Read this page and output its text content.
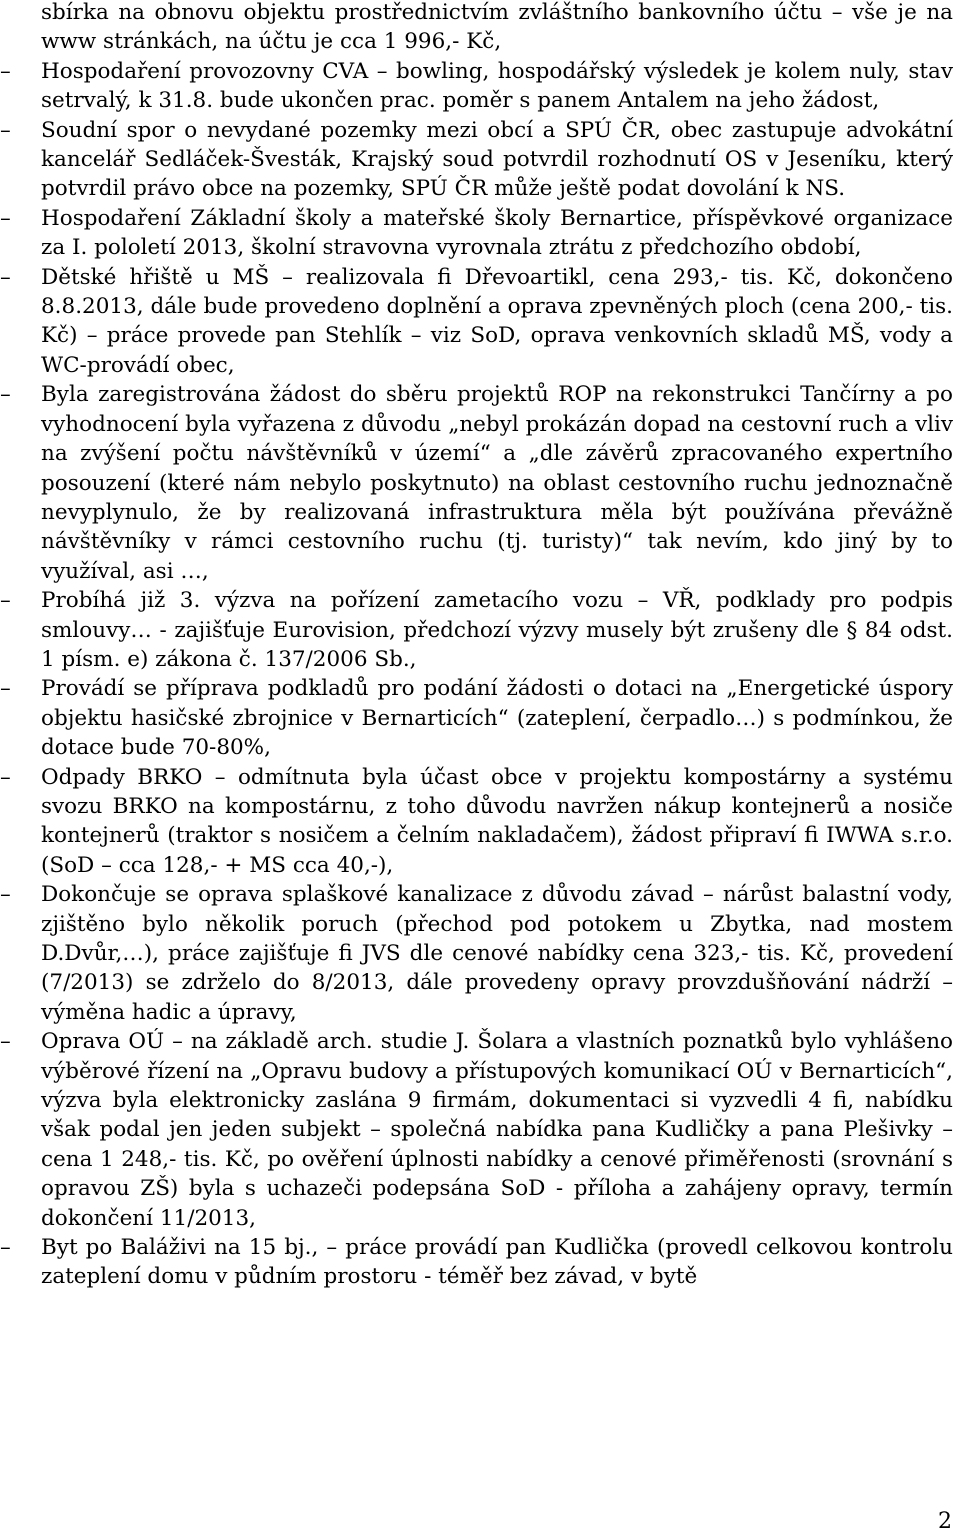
sbírka na obnovu objektu prostřednictvím zvláštního bankovního účtu – vše je na www stránkách, na účtu je cca 1 996,- Kč,

–	Hospodaření provozovny CVA – bowling, hospodářský výsledek je kolem nuly, stav setrvalý, k 31.8. bude ukončen prac. poměr s panem Antalem na jeho žádost,

–	Soudní spor o nevydané pozemky mezi obcí a SPÚ ČR, obec zastupuje advokátní kancelář Sedláček-Švesták, Krajský soud potvrdil rozhodnutí OS v Jeseníku, který potvrdil právo obce na pozemky, SPÚ ČR může ještě podat dovolání k NS.

–	Hospodaření Základní školy a mateřské školy Bernartice, příspěvkové organizace za I. pololetí 2013, školní stravovna vyrovnala ztrátu z předchozího období,

–	Dětské hřiště u MŠ – realizovala fi Dřevoartikl, cena 293,- tis. Kč, dokončeno 8.8.2013, dále bude provedeno doplnění a oprava zpevněných ploch (cena 200,- tis. Kč) – práce provede pan Stehlík – viz SoD, oprava venkovních skladů MŠ, vody a WC-provádí obec,

–	Byla zaregistrována žádost do sběru projektů ROP na rekonstrukci Tančírny a po vyhodnocení byla vyřazena z důvodu „nebyl prokázán dopad na cestovní ruch a vliv na zvýšení počtu návštěvníků v území“ a „dle závěrů zpracovaného expertního posouzení (které nám nebylo poskytnuto) na oblast cestovního ruchu jednoznačně nevyplynulo, že by realizovaná infrastruktura měla být používána převážně návštěvníky v rámci cestovního ruchu (tj. turisty)“ tak nevím, kdo jiný by to využíval, asi …,

–	Probíhá již 3. výzva na pořízení zametacího vozu – VŘ, podklady pro podpis smlouvy… - zajišťuje Eurovision, předchozí výzvy musely být zrušeny dle § 84 odst. 1 písm. e) zákona č. 137/2006 Sb.,

–	Provádí se příprava podkladů pro podání žádosti o dotaci na „Energetické úspory objektu hasičské zbrojnice v Bernarticích“ (zateplení, čerpadlo…) s podmínkou, že dotace bude 70-80%,

–	Odpady BRKO – odmítnuta byla účast obce v projektu kompostárny a systému svozu BRKO na kompostárnu, z toho důvodu navržen nákup kontejnerů a nosiče kontejnerů (traktor s nosičem a čelním nakladačem), žádost připraví fi IWWA s.r.o. (SoD – cca 128,- + MS cca 40,-),

–	Dokončuje se oprava splaškové kanalizace z důvodu závad – nárůst balastní vody, zjištěno bylo několik poruch (přechod pod potokem u Zbytka, nad mostem D.Dvůr,…), práce zajišťuje fi JVS dle cenové nabídky cena 323,- tis. Kč, provedení (7/2013) se zdrželo do 8/2013, dále provedeny opravy provzdušňování nádrží – výměna hadic a úpravy,

–	Oprava OÚ – na základě arch. studie J. Šolara a vlastních poznatků bylo vyhlášeno výběrové řízení na „Opravu budovy a přístupových komunikací OÚ v Bernarticích“, výzva byla elektronicky zaslána 9 firmám, dokumentaci si vyzvedli 4 fi, nabídku však podal jen jeden subjekt – společná nabídka pana Kudličky a pana Plešivky – cena 1 248,- tis. Kč, po ověření úplnosti nabídky a cenové přiměřenosti (srovnání s opravou ZŠ) byla s uchazeči podepsána SoD - příloha a zahájeny opravy, termín dokončení 11/2013,

–	Byt po Baláživi na 15 bj., – práce provádí pan Kudlička (provedl celkovou kontrolu zateplení domu v půdním prostoru - téměř bez závad, v bytě

2
